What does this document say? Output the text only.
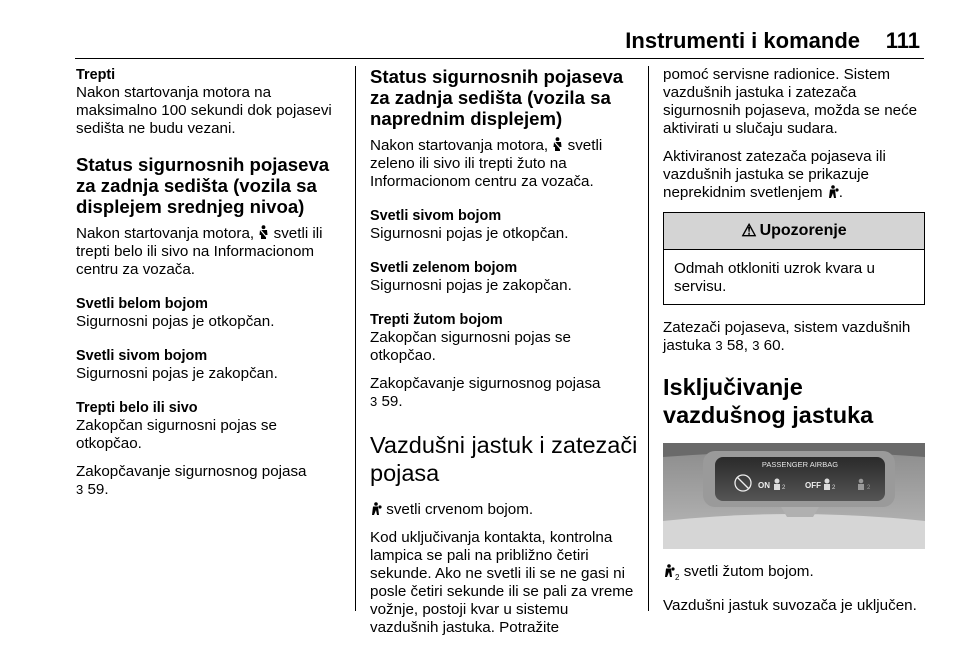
Instrumenti i komande 111
Trepti

Nakon startovanja motora na maksimalno 100 sekundi dok pojasevi sedišta ne budu vezani.

Status sigurnosnih pojaseva za zadnja sedišta (vozila sa displejem srednjeg nivoa)

Nakon startovanja motora, svetli ili trepti belo ili sivo na Informacionom centru za vozača.

Svetli belom bojom

Sigurnosni pojas je otkopčan.

Svetli sivom bojom

Sigurnosni pojas je zakopčan.

Trepti belo ili sivo

Zakopčan sigurnosni pojas se otkopčao.

Zakopčavanje sigurnosnog pojasa

3 59.

Status sigurnosnih pojaseva za zadnja sedišta (vozila sa naprednim displejem)

Nakon startovanja motora, svetli zeleno ili sivo ili trepti žuto na Informacionom centru za vozača.

Svetli sivom bojom

Sigurnosni pojas je otkopčan.

Svetli zelenom bojom

Sigurnosni pojas je zakopčan.

Trepti žutom bojom

Zakopčan sigurnosni pojas se otkopčao.

Zakopčavanje sigurnosnog pojasa

3 59.

Vazdušni jastuk i zatezači pojasa

svetli crvenom bojom.

Kod uključivanja kontakta, kontrolna lampica se pali na približno četiri sekunde. Ako ne svetli ili se ne gasi ni posle četiri sekunde ili se pali za vreme vožnje, postoji kvar u sistemu vazdušnih jastuka. Potražite

pomoć servisne radionice. Sistem vazdušnih jastuka i zatezača sigurnosnih pojaseva, možda se neće aktivirati u slučaju sudara.

Aktiviranost zatezača pojaseva ili vazdušnih jastuka se prikazuje neprekidnim svetlenjem .

⚠ Upozorenje
Odmah otkloniti uzrok kvara u servisu.

Zatezači pojaseva, sistem vazdušnih jastuka 3 58, 3 60.

Isključivanje vazdušnog jastuka
PASSENGER AIRBAG
ON 2 OFF 2	2

$_2$ svetli žutom bojom.

Vazdušni jastuk suvozača je uključen.
